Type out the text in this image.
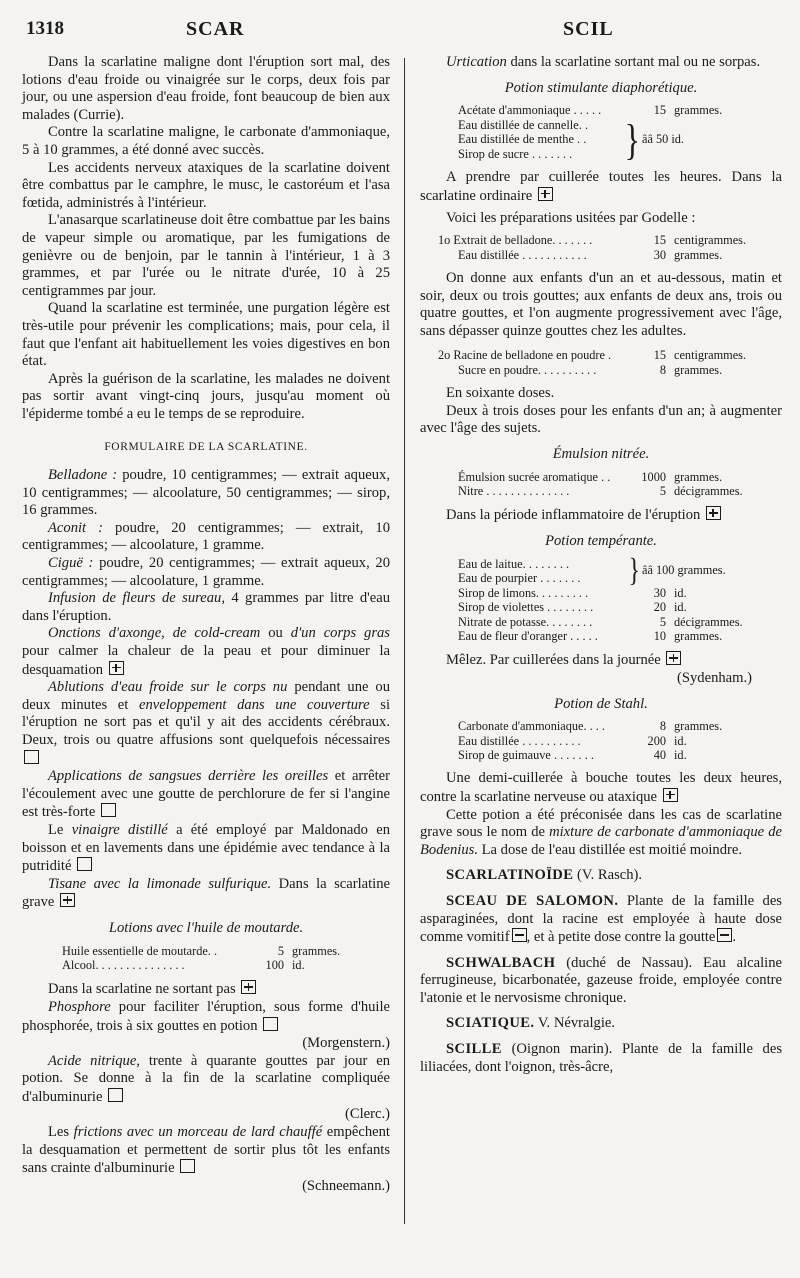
1318	SCAR	SCIL

Dans la scarlatine maligne dont l'éruption sort mal, des lotions d'eau froide ou vinaigrée sur le corps, deux fois par jour, ou une aspersion d'eau froide, font beaucoup de bien aux malades (Currie).

Contre la scarlatine maligne, le carbonate d'ammoniaque, 5 à 10 grammes, a été donné avec succès.

Les accidents nerveux ataxiques de la scarlatine doivent être combattus par le camphre, le musc, le castoréum et l'asa fœtida, administrés à l'intérieur.

L'anasarque scarlatineuse doit être combattue par les bains de vapeur simple ou aromatique, par les fumigations de genièvre ou de benjoin, par le tannin à l'intérieur, 1 à 3 grammes, et par l'urée ou le nitrate d'urée, 10 à 25 centigrammes par jour.

Quand la scarlatine est terminée, une purgation légère est très-utile pour prévenir les complications; mais, pour cela, il faut que l'enfant ait habituellement les voies digestives en bon état.

Après la guérison de la scarlatine, les malades ne doivent pas sortir avant vingt-cinq jours, jusqu'au moment où l'épiderme tombé a eu le temps de se reproduire.

FORMULAIRE DE LA SCARLATINE.

Belladone : poudre, 10 centigrammes; — extrait aqueux, 10 centigrammes; — alcoolature, 50 centigrammes; — sirop, 16 grammes.

Aconit : poudre, 20 centigrammes; — extrait, 10 centigrammes; — alcoolature, 1 gramme.

Ciguë : poudre, 20 centigrammes; — extrait aqueux, 20 centigrammes; — alcoolature, 1 gramme.

Infusion de fleurs de sureau, 4 grammes par litre d'eau dans l'éruption.

Onctions d'axonge, de cold-cream ou d'un corps gras pour calmer la chaleur de la peau et pour diminuer la desquamation

Ablutions d'eau froide sur le corps nu pendant une ou deux minutes et enveloppement dans une couverture si l'éruption ne sort pas et qu'il y ait des accidents cérébraux. Deux, trois ou quatre affusions sont quelquefois nécessaires

Applications de sangsues derrière les oreilles et arrêter l'écoulement avec une goutte de perchlorure de fer si l'angine est très-forte

Le vinaigre distillé a été employé par Maldonado en boisson et en lavements dans une épidémie avec tendance à la putridité

Tisane avec la limonade sulfurique. Dans la scarlatine grave

Lotions avec l'huile de moutarde.
Huile essentielle de moutarde. .	5 grammes.
Alcool. . . . . . . . . . . . . . .	100 id.

Dans la scarlatine ne sortant pas

Phosphore pour faciliter l'éruption, sous forme d'huile phosphorée, trois à six gouttes en potion

(Morgenstern.)

Acide nitrique, trente à quarante gouttes par jour en potion. Se donne à la fin de la scarlatine compliquée d'albuminurie

(Clerc.)

Les frictions avec un morceau de lard chauffé empêchent la desquamation et permettent de sortir plus tôt les enfants sans crainte d'albuminurie

(Schneemann.)

Urtication dans la scarlatine sortant mal ou ne sorpas.

Potion stimulante diaphorétique.
Acétate d'ammoniaque . . . . .	15 grammes.
Eau distillée de cannelle. .
Eau distillée de menthe . .
Sirop de sucre . . . . . . .	} ââ 50 id.

A prendre par cuillerée toutes les heures. Dans la scarlatine ordinaire

Voici les préparations usitées par Godelle :

1o Extrait de belladone. . . . . . .	15 centigrammes.
Eau distillée . . . . . . . . . . .	30 grammes.

On donne aux enfants d'un an et au-dessous, matin et soir, deux ou trois gouttes; aux enfants de deux ans, trois ou quatre gouttes, et l'on augmente progressivement avec l'âge, sans dépasser quinze gouttes chez les adultes.

2o Racine de belladone en poudre .	15 centigrammes.
Sucre en poudre. . . . . . . . . .	8 grammes.

En soixante doses.

Deux à trois doses pour les enfants d'un an; à augmenter avec l'âge des sujets.

Émulsion nitrée.
Émulsion sucrée aromatique . .	1000 grammes.
Nitre . . . . . . . . . . . . . .	5 décigrammes.

Dans la période inflammatoire de l'éruption

Potion tempérante.
Eau de laitue. . . . . . . .
Eau de pourpier . . . . . . .	} ââ 100 grammes.
Sirop de limons. . . . . . . . .	30 id.
Sirop de violettes . . . . . . . .	20 id.
Nitrate de potasse. . . . . . . .	5 décigrammes.
Eau de fleur d'oranger . . . . .	10 grammes.

Mêlez. Par cuillerées dans la journée

(Sydenham.)

Potion de Stahl.
Carbonate d'ammoniaque. . . .	8 grammes.
Eau distillée . . . . . . . . . .	200 id.
Sirop de guimauve . . . . . . .	40 id.

Une demi-cuillerée à bouche toutes les deux heures, contre la scarlatine nerveuse ou ataxique

Cette potion a été préconisée dans les cas de scarlatine grave sous le nom de mixture de carbonate d'ammoniaque de Bodenius. La dose de l'eau distillée est moitié moindre.

SCARLATINOÏDE (V. Rasch).

SCEAU DE SALOMON. Plante de la famille des asparaginées, dont la racine est employée à haute dose comme vomitif , et à petite dose contre la goutte .

SCHWALBACH (duché de Nassau). Eau alcaline ferrugineuse, bicarbonatée, gazeuse froide, employée contre l'atonie et le nervosisme chronique.

SCIATIQUE. V. Névralgie.

SCILLE (Oignon marin). Plante de la famille des liliacées, dont l'oignon, très-âcre,
